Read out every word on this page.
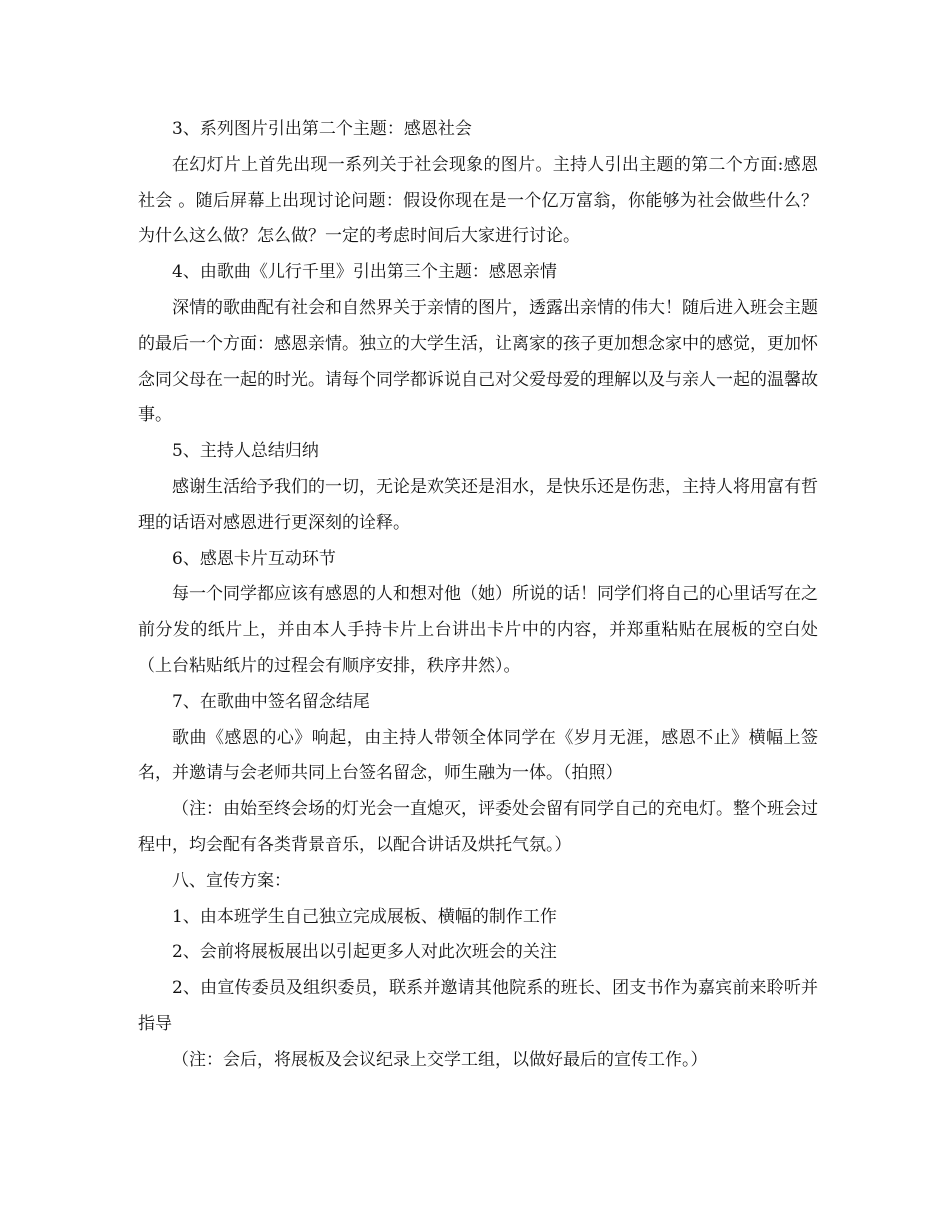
3、系列图片引出第二个主题：感恩社会

在幻灯片上首先出现一系列关于社会现象的图片。主持人引出主题的第二个方面:感恩社会 。随后屏幕上出现讨论问题：假设你现在是一个亿万富翁，你能够为社会做些什么？为什么这么做？怎么做？一定的考虑时间后大家进行讨论。

4、由歌曲《儿行千里》引出第三个主题：感恩亲情

深情的歌曲配有社会和自然界关于亲情的图片，透露出亲情的伟大！随后进入班会主题的最后一个方面：感恩亲情。独立的大学生活，让离家的孩子更加想念家中的感觉，更加怀念同父母在一起的时光。请每个同学都诉说自己对父爱母爱的理解以及与亲人一起的温馨故事。

5、主持人总结归纳

感谢生活给予我们的一切，无论是欢笑还是泪水，是快乐还是伤悲，主持人将用富有哲理的话语对感恩进行更深刻的诠释。

6、感恩卡片互动环节

每一个同学都应该有感恩的人和想对他（她）所说的话！同学们将自己的心里话写在之前分发的纸片上，并由本人手持卡片上台讲出卡片中的内容，并郑重粘贴在展板的空白处（上台粘贴纸片的过程会有顺序安排，秩序井然）。

7、在歌曲中签名留念结尾

歌曲《感恩的心》响起，由主持人带领全体同学在《岁月无涯，感恩不止》横幅上签名，并邀请与会老师共同上台签名留念，师生融为一体。（拍照）

（注：由始至终会场的灯光会一直熄灭，评委处会留有同学自己的充电灯。整个班会过程中，均会配有各类背景音乐，以配合讲话及烘托气氛。）

八、宣传方案：

1、由本班学生自己独立完成展板、横幅的制作工作

2、会前将展板展出以引起更多人对此次班会的关注

2、由宣传委员及组织委员，联系并邀请其他院系的班长、团支书作为嘉宾前来聆听并指导

（注：会后，将展板及会议纪录上交学工组，以做好最后的宣传工作。）
